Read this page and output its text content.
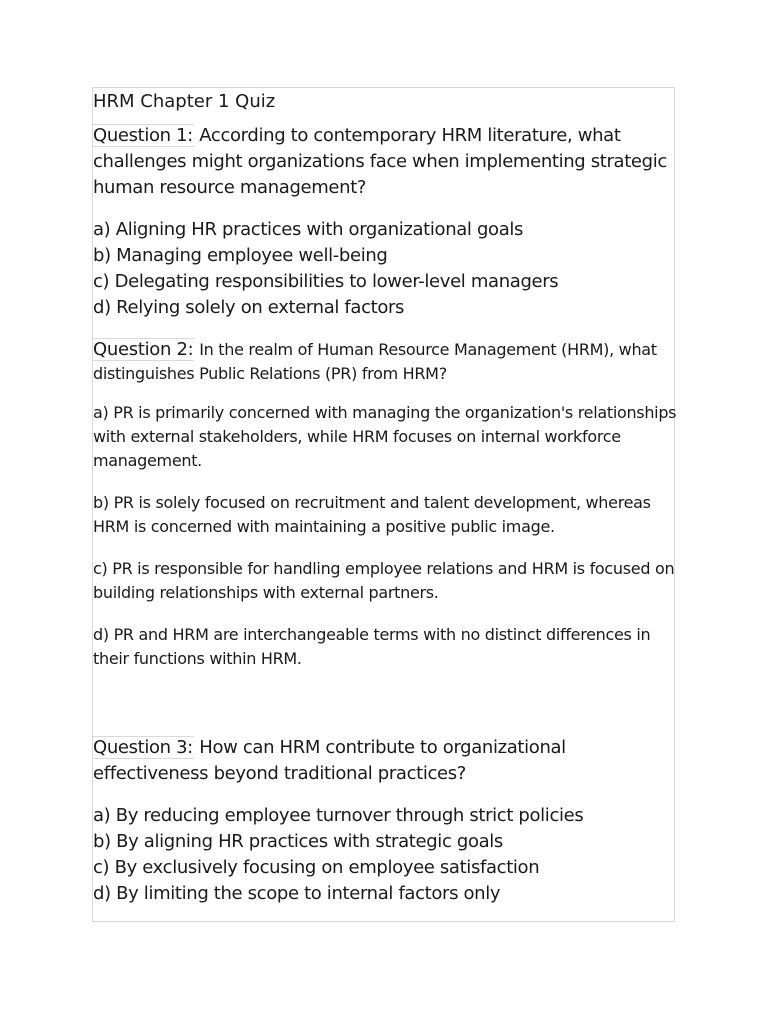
HRM Chapter 1 Quiz

Question 1: According to contemporary HRM literature, what challenges might organizations face when implementing strategic human resource management?

a) Aligning HR practices with organizational goals
b) Managing employee well-being
c) Delegating responsibilities to lower-level managers
d) Relying solely on external factors

Question 2: In the realm of Human Resource Management (HRM), what distinguishes Public Relations (PR) from HRM?

a) PR is primarily concerned with managing the organization's relationships with external stakeholders, while HRM focuses on internal workforce management.

b) PR is solely focused on recruitment and talent development, whereas HRM is concerned with maintaining a positive public image.

c) PR is responsible for handling employee relations and HRM is focused on building relationships with external partners.

d) PR and HRM are interchangeable terms with no distinct differences in their functions within HRM.

Question 3: How can HRM contribute to organizational effectiveness beyond traditional practices?

a) By reducing employee turnover through strict policies
b) By aligning HR practices with strategic goals
c) By exclusively focusing on employee satisfaction
d) By limiting the scope to internal factors only
